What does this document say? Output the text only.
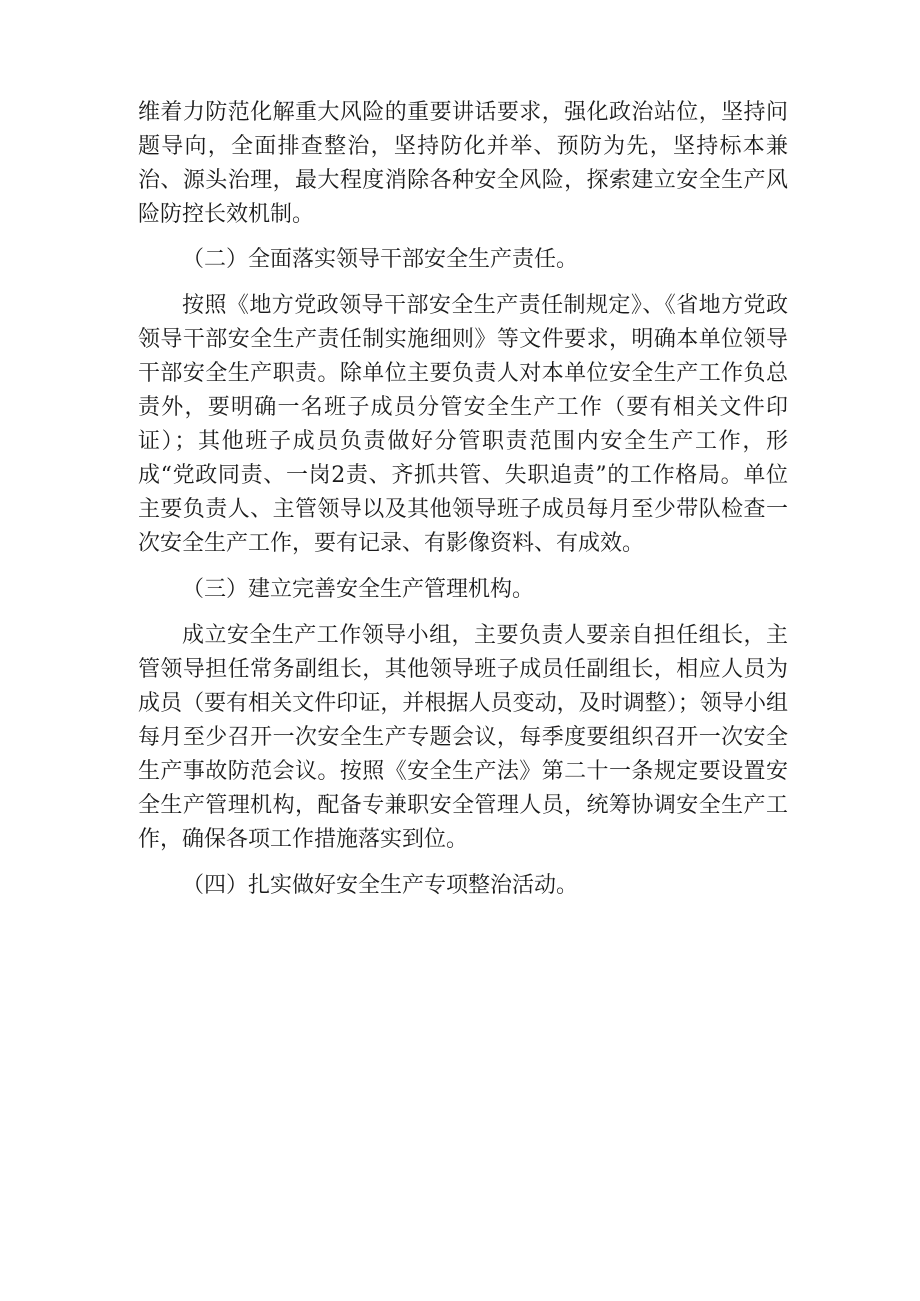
维着力防范化解重大风险的重要讲话要求，强化政治站位，坚持问题导向，全面排查整治，坚持防化并举、预防为先，坚持标本兼治、源头治理，最大程度消除各种安全风险，探索建立安全生产风险防控长效机制。

（二）全面落实领导干部安全生产责任。

按照《地方党政领导干部安全生产责任制规定》、《省地方党政领导干部安全生产责任制实施细则》等文件要求，明确本单位领导干部安全生产职责。除单位主要负责人对本单位安全生产工作负总责外，要明确一名班子成员分管安全生产工作（要有相关文件印证）；其他班子成员负责做好分管职责范围内安全生产工作，形成“党政同责、一岗2责、齐抓共管、失职追责”的工作格局。单位主要负责人、主管领导以及其他领导班子成员每月至少带队检查一次安全生产工作，要有记录、有影像资料、有成效。

（三）建立完善安全生产管理机构。

成立安全生产工作领导小组，主要负责人要亲自担任组长，主管领导担任常务副组长，其他领导班子成员任副组长，相应人员为成员（要有相关文件印证，并根据人员变动，及时调整）；领导小组每月至少召开一次安全生产专题会议，每季度要组织召开一次安全生产事故防范会议。按照《安全生产法》第二十一条规定要设置安全生产管理机构，配备专兼职安全管理人员，统筹协调安全生产工作，确保各项工作措施落实到位。

（四）扎实做好安全生产专项整治活动。
